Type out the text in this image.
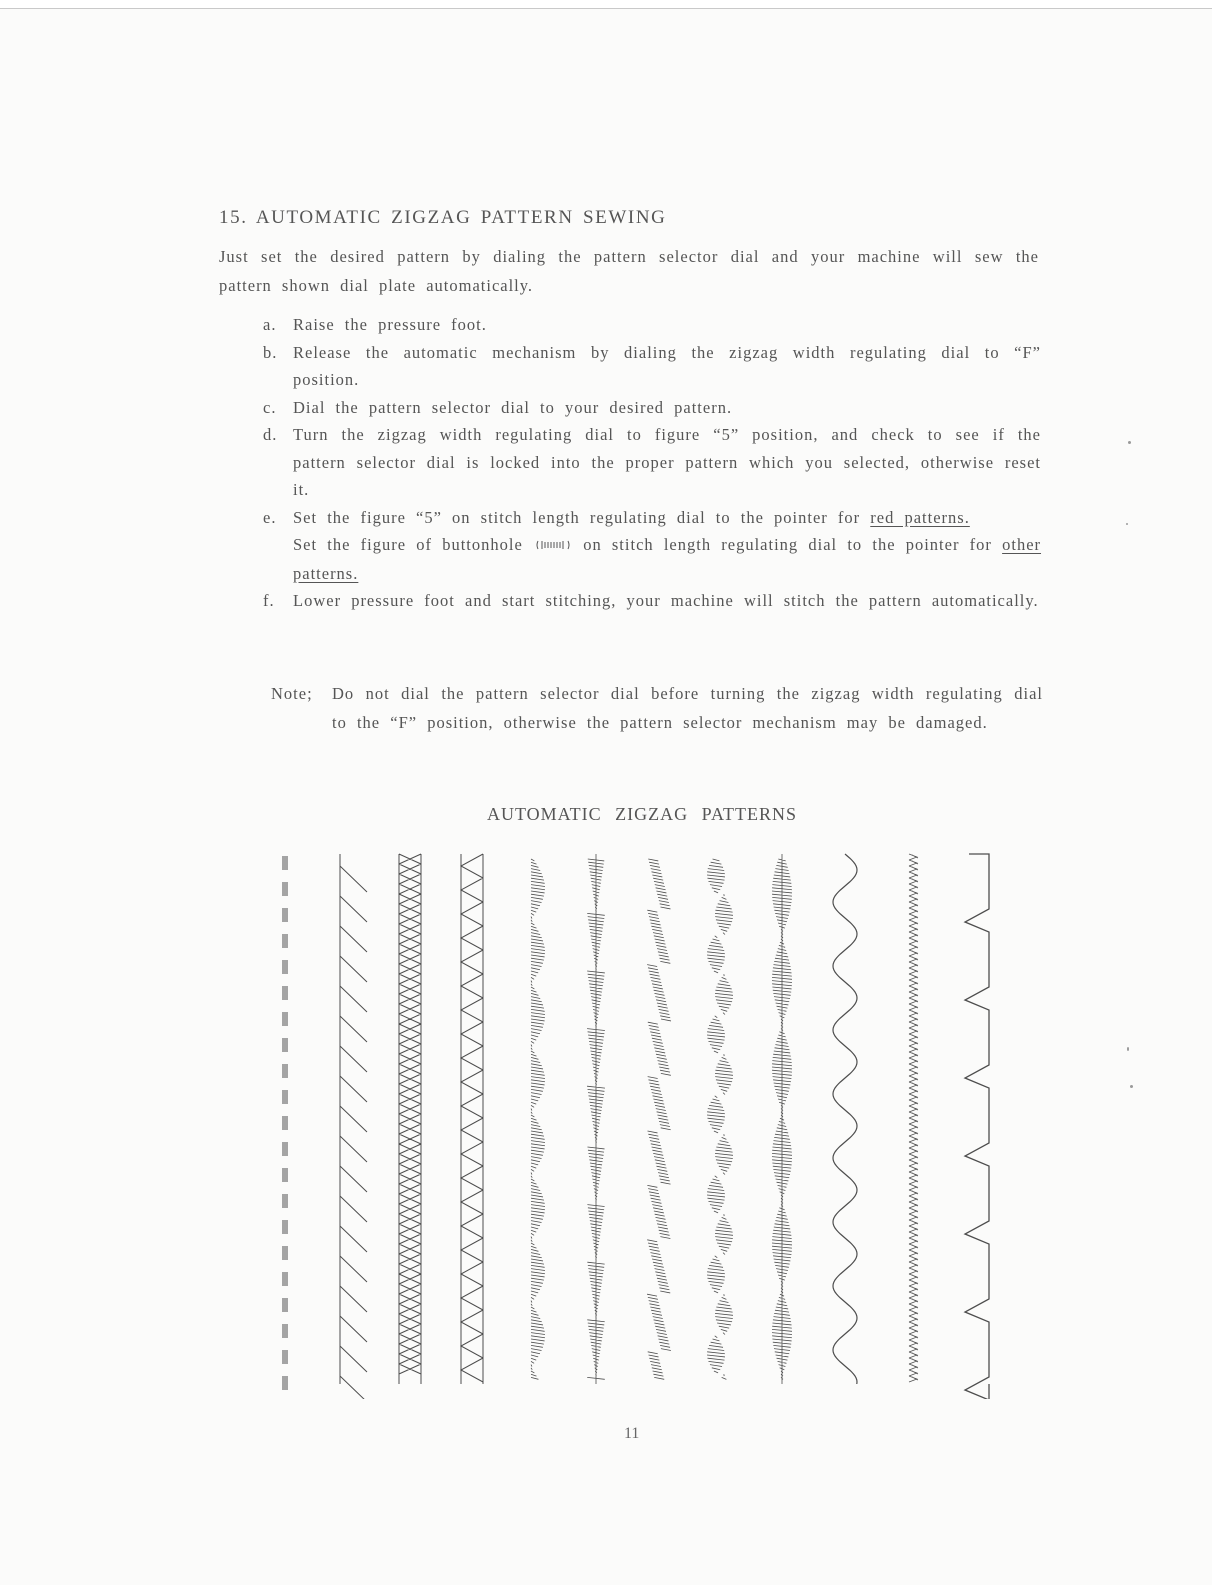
15. AUTOMATIC ZIGZAG PATTERN SEWING

Just set the desired pattern by dialing the pattern selector dial and your machine will sew the pattern shown dial plate automatically.

a. Raise the pressure foot.
b. Release the automatic mechanism by dialing the zigzag width regulating dial to “F” position.
c. Dial the pattern selector dial to your desired pattern.
d. Turn the zigzag width regulating dial to figure “5” position, and check to see if the pattern selector dial is locked into the proper pattern which you selected, otherwise reset it.
e. Set the figure “5” on stitch length regulating dial to the pointer for red patterns.
Set the figure of buttonhole	on stitch length regulating dial to the pointer for other patterns.
f. Lower pressure foot and start stitching, your machine will stitch the pattern automatically.
Note;	Do not dial the pattern selector dial before turning the zigzag width regulating dial to the “F” position, otherwise the pattern selector mechanism may be damaged.
AUTOMATIC ZIGZAG PATTERNS
11
